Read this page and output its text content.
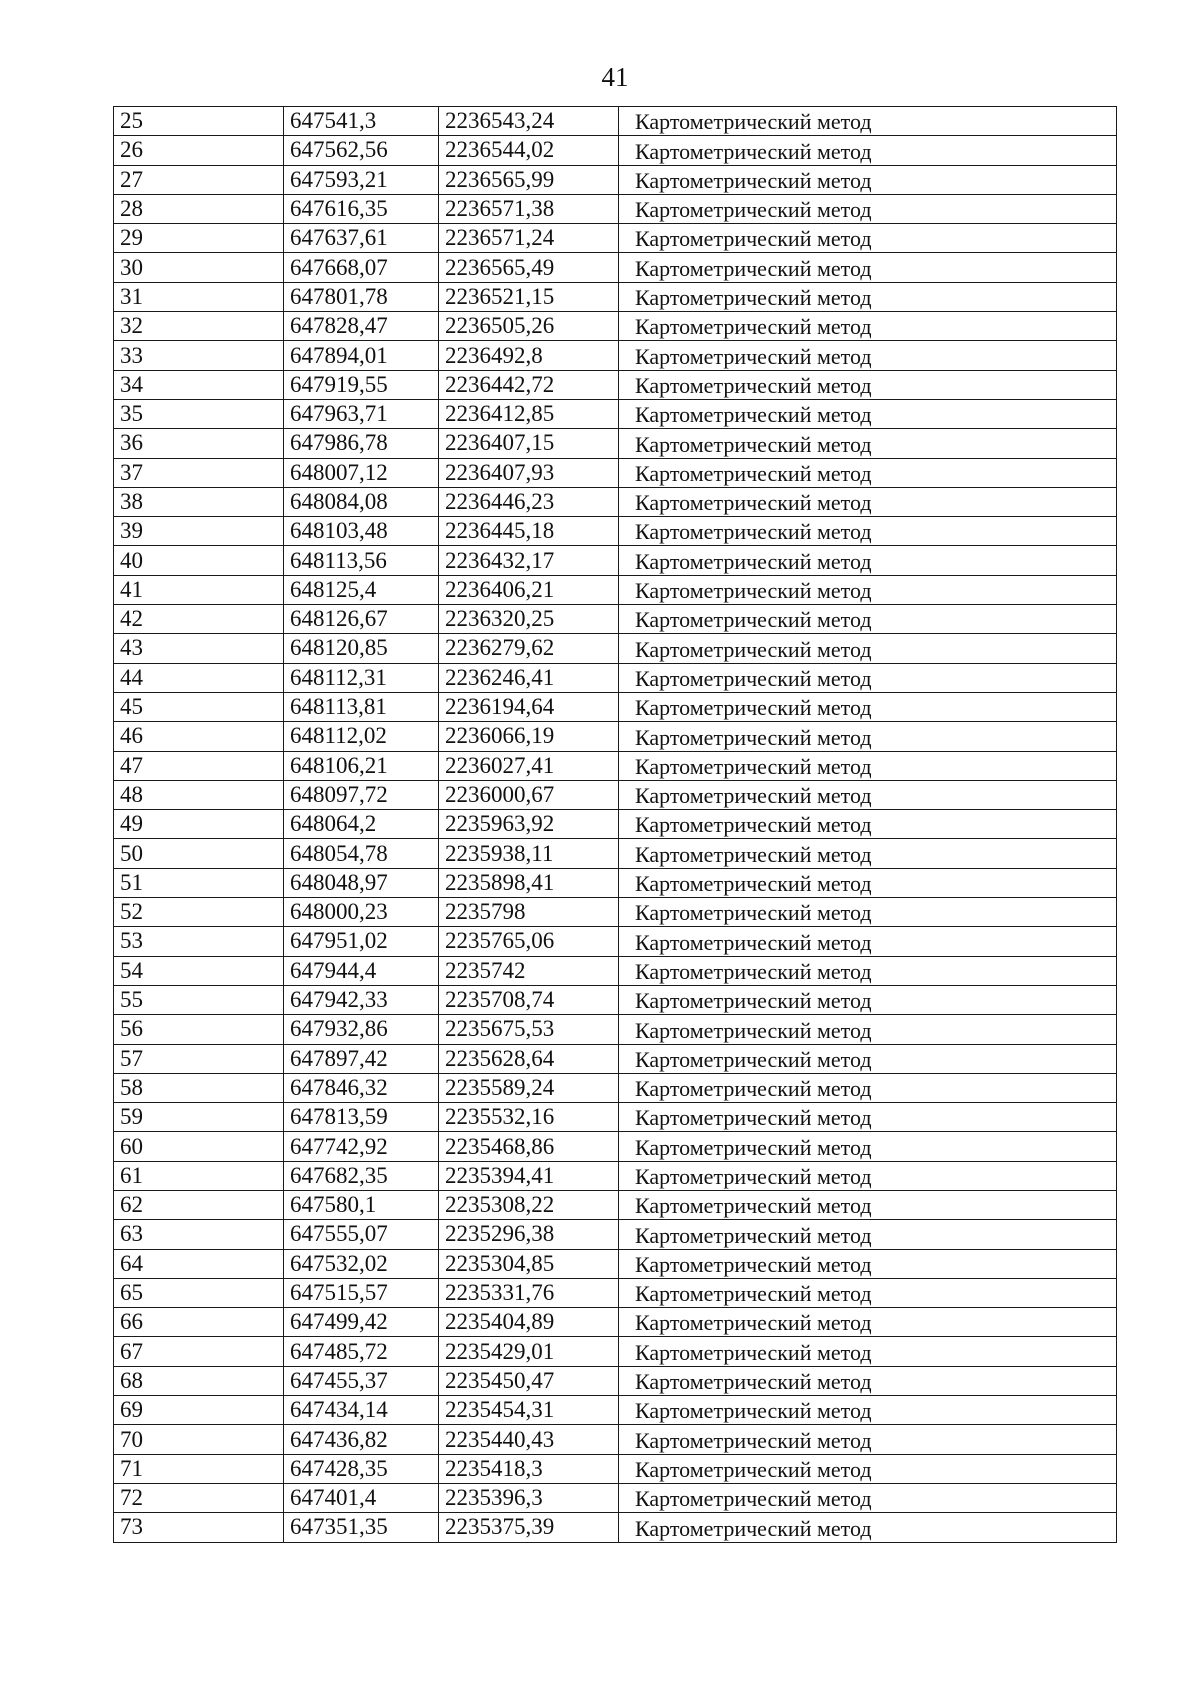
41
25	647541,3	2236543,24	Картометрический метод
26	647562,56	2236544,02	Картометрический метод
27	647593,21	2236565,99	Картометрический метод
28	647616,35	2236571,38	Картометрический метод
29	647637,61	2236571,24	Картометрический метод
30	647668,07	2236565,49	Картометрический метод
31	647801,78	2236521,15	Картометрический метод
32	647828,47	2236505,26	Картометрический метод
33	647894,01	2236492,8	Картометрический метод
34	647919,55	2236442,72	Картометрический метод
35	647963,71	2236412,85	Картометрический метод
36	647986,78	2236407,15	Картометрический метод
37	648007,12	2236407,93	Картометрический метод
38	648084,08	2236446,23	Картометрический метод
39	648103,48	2236445,18	Картометрический метод
40	648113,56	2236432,17	Картометрический метод
41	648125,4	2236406,21	Картометрический метод
42	648126,67	2236320,25	Картометрический метод
43	648120,85	2236279,62	Картометрический метод
44	648112,31	2236246,41	Картометрический метод
45	648113,81	2236194,64	Картометрический метод
46	648112,02	2236066,19	Картометрический метод
47	648106,21	2236027,41	Картометрический метод
48	648097,72	2236000,67	Картометрический метод
49	648064,2	2235963,92	Картометрический метод
50	648054,78	2235938,11	Картометрический метод
51	648048,97	2235898,41	Картометрический метод
52	648000,23	2235798	Картометрический метод
53	647951,02	2235765,06	Картометрический метод
54	647944,4	2235742	Картометрический метод
55	647942,33	2235708,74	Картометрический метод
56	647932,86	2235675,53	Картометрический метод
57	647897,42	2235628,64	Картометрический метод
58	647846,32	2235589,24	Картометрический метод
59	647813,59	2235532,16	Картометрический метод
60	647742,92	2235468,86	Картометрический метод
61	647682,35	2235394,41	Картометрический метод
62	647580,1	2235308,22	Картометрический метод
63	647555,07	2235296,38	Картометрический метод
64	647532,02	2235304,85	Картометрический метод
65	647515,57	2235331,76	Картометрический метод
66	647499,42	2235404,89	Картометрический метод
67	647485,72	2235429,01	Картометрический метод
68	647455,37	2235450,47	Картометрический метод
69	647434,14	2235454,31	Картометрический метод
70	647436,82	2235440,43	Картометрический метод
71	647428,35	2235418,3	Картометрический метод
72	647401,4	2235396,3	Картометрический метод
73	647351,35	2235375,39	Картометрический метод
